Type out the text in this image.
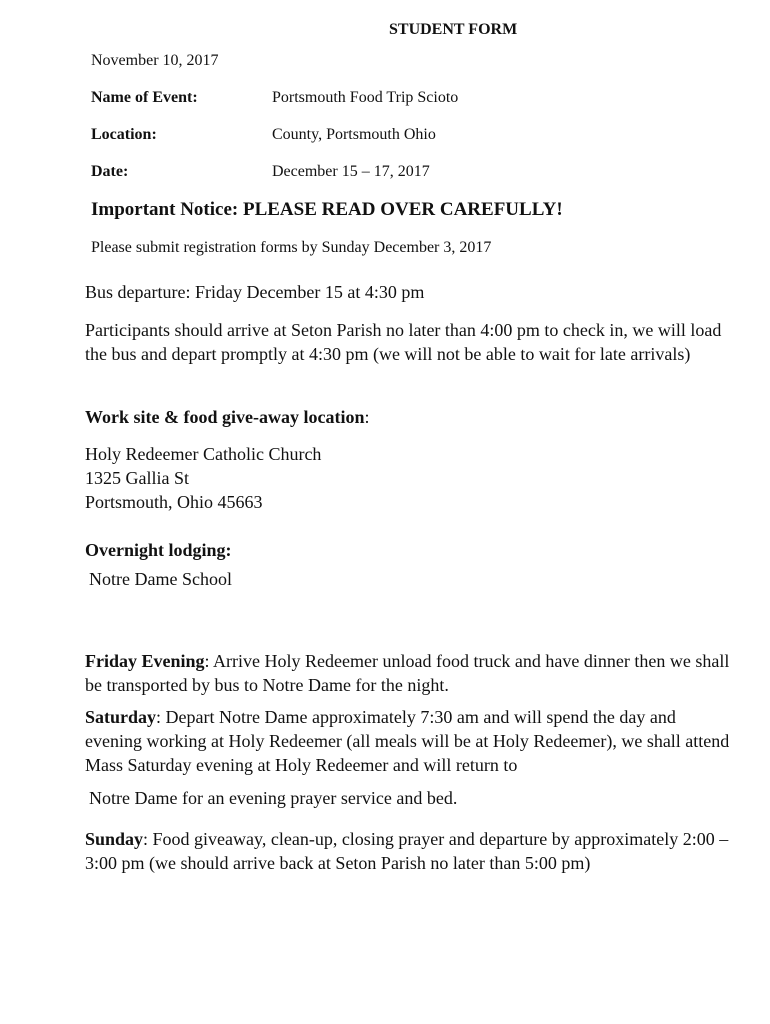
STUDENT FORM
November 10, 2017
Name of Event:	Portsmouth Food Trip Scioto
Location:	County, Portsmouth Ohio
Date:	December 15 – 17, 2017
Important Notice: PLEASE READ OVER CAREFULLY!
Please submit registration forms by Sunday December 3, 2017
Bus departure: Friday December 15 at 4:30 pm
Participants should arrive at Seton Parish no later than 4:00 pm to check in, we will load the bus and depart promptly at 4:30 pm (we will not be able to wait for late arrivals)
Work site & food give-away location:
Holy Redeemer Catholic Church
1325 Gallia St
Portsmouth, Ohio 45663
Overnight lodging:
Notre Dame School
Friday Evening: Arrive Holy Redeemer unload food truck and have dinner then we shall be transported by bus to Notre Dame for the night.
Saturday: Depart Notre Dame approximately 7:30 am and will spend the day and evening working at Holy Redeemer (all meals will be at Holy Redeemer), we shall attend Mass Saturday evening at Holy Redeemer and will return to
Notre Dame for an evening prayer service and bed.
Sunday: Food giveaway, clean-up, closing prayer and departure by approximately 2:00 – 3:00 pm (we should arrive back at Seton Parish no later than 5:00 pm)
